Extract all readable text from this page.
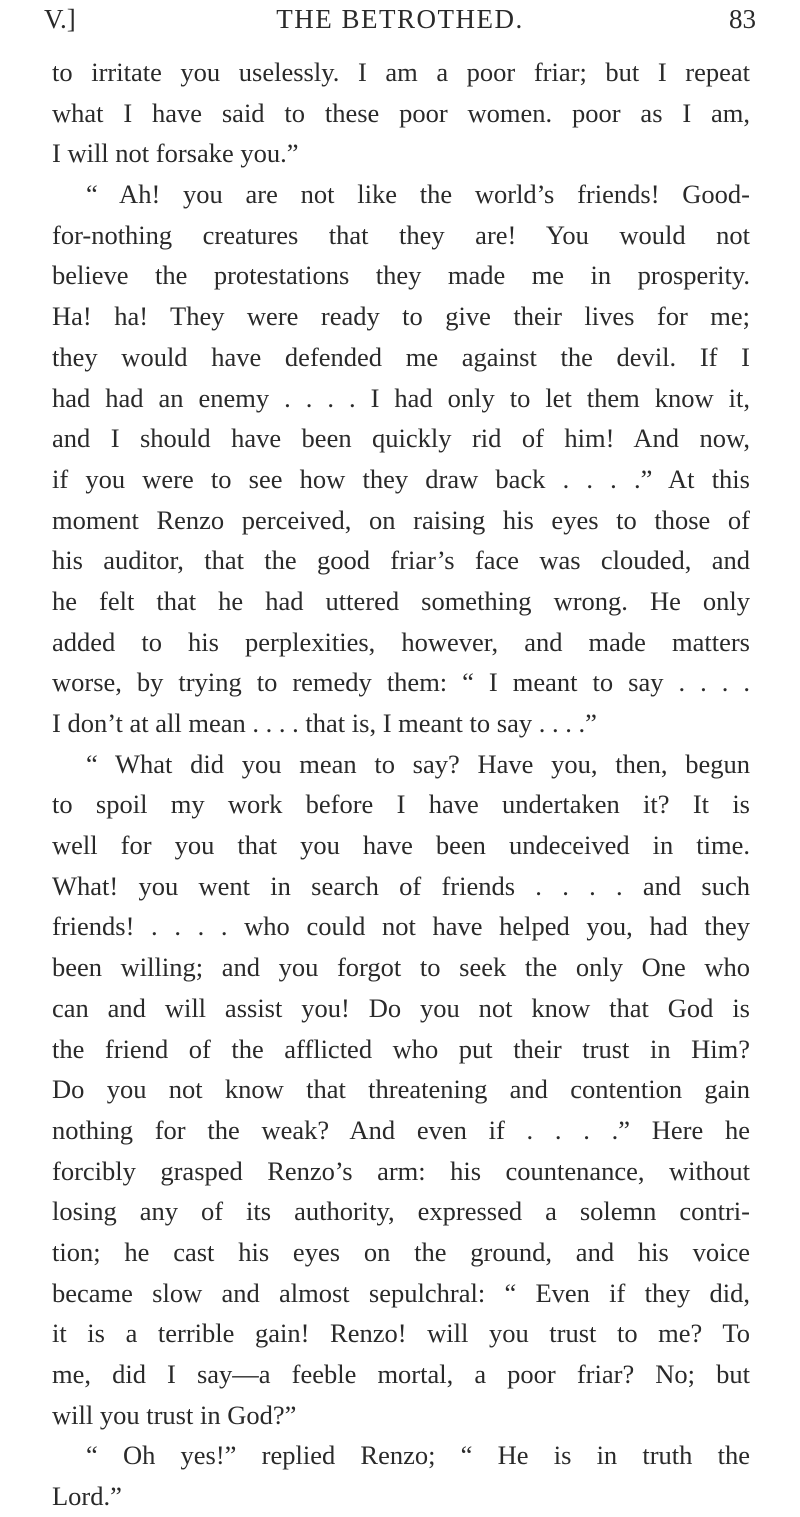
V.]	THE BETROTHED.	83
to irritate you uselessly. I am a poor friar; but I repeat
what I have said to these poor women. poor as I am,
I will not forsake you.”
“ Ah! you are not like the world’s friends! Good-
for-nothing creatures that they are! You would not
believe the protestations they made me in prosperity.
Ha! ha! They were ready to give their lives for me;
they would have defended me against the devil. If I
had had an enemy . . . . I had only to let them know it,
and I should have been quickly rid of him! And now,
if you were to see how they draw back . . . .” At this
moment Renzo perceived, on raising his eyes to those of
his auditor, that the good friar’s face was clouded, and
he felt that he had uttered something wrong. He only
added to his perplexities, however, and made matters
worse, by trying to remedy them: “ I meant to say . . . .
I don’t at all mean . . . . that is, I meant to say . . . .”
“ What did you mean to say? Have you, then, begun
to spoil my work before I have undertaken it? It is
well for you that you have been undeceived in time.
What! you went in search of friends . . . . and such
friends! . . . . who could not have helped you, had they
been willing; and you forgot to seek the only One who
can and will assist you! Do you not know that God is
the friend of the afflicted who put their trust in Him?
Do you not know that threatening and contention gain
nothing for the weak? And even if . . . .” Here he
forcibly grasped Renzo’s arm: his countenance, without
losing any of its authority, expressed a solemn contri-
tion; he cast his eyes on the ground, and his voice
became slow and almost sepulchral: “ Even if they did,
it is a terrible gain! Renzo! will you trust to me? To
me, did I say—a feeble mortal, a poor friar? No; but
will you trust in God?”
“ Oh yes!” replied Renzo; “ He is in truth the
Lord.”
